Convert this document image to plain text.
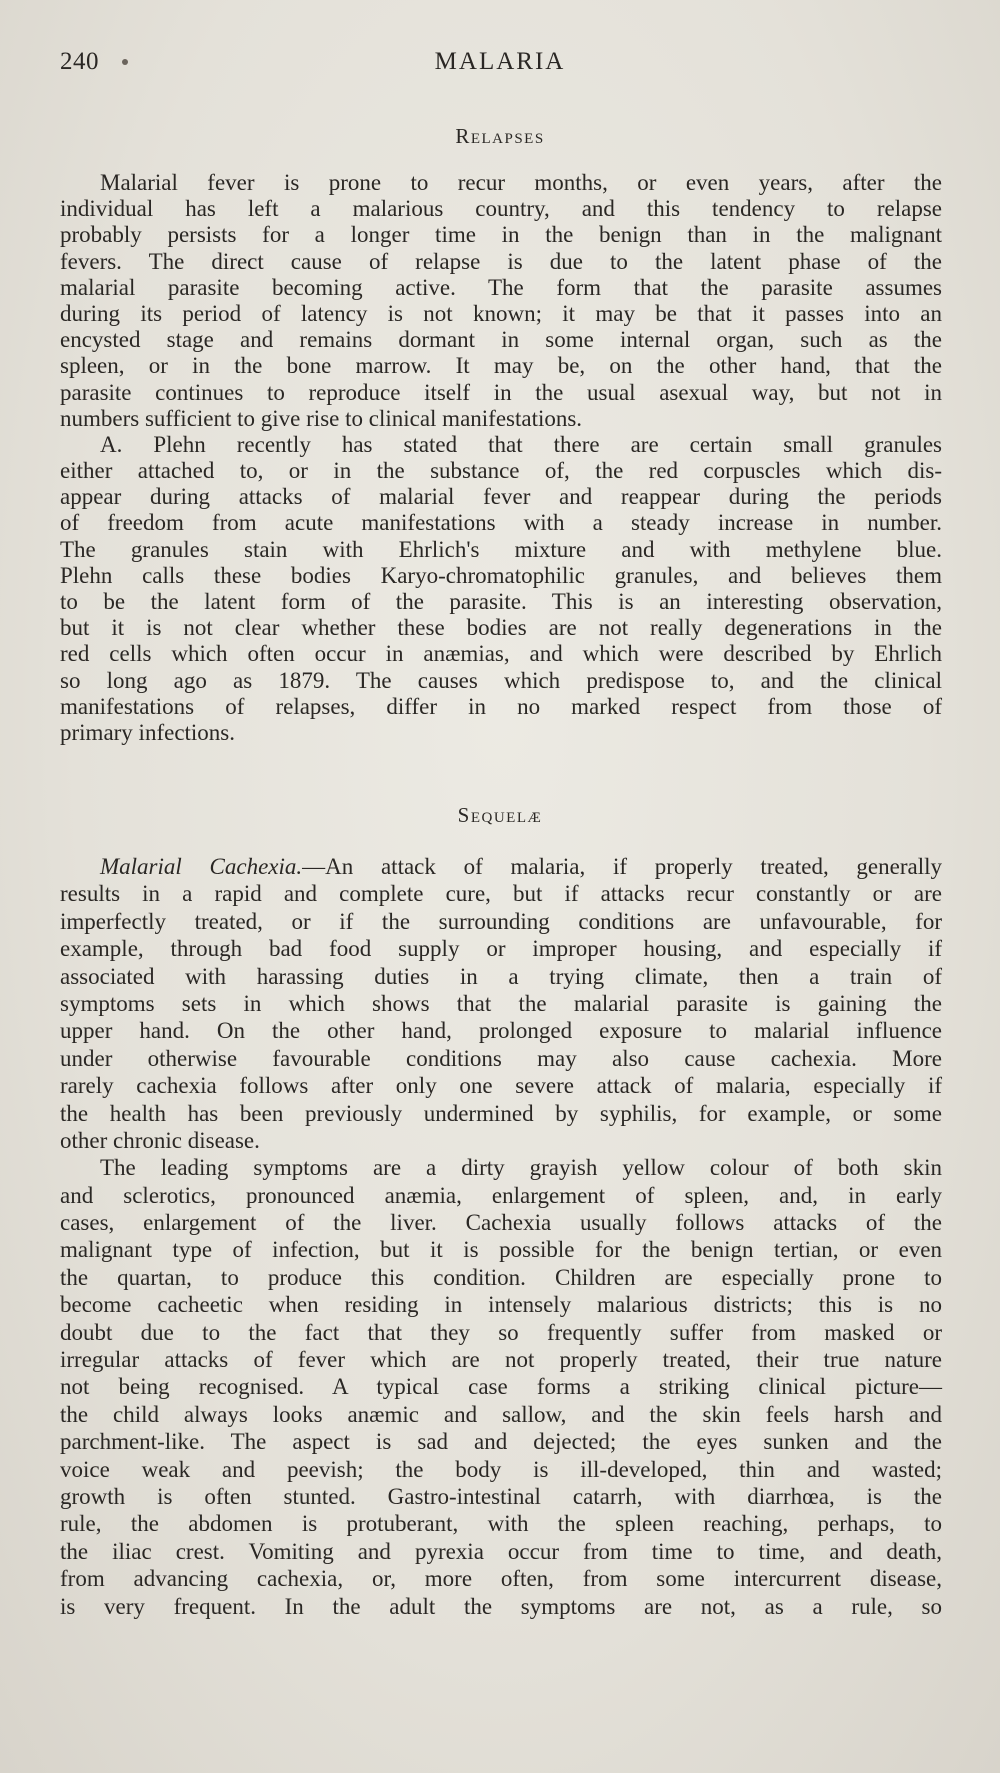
240	MALARIA
Relapses
Malarial fever is prone to recur months, or even years, after the
individual has left a malarious country, and this tendency to relapse
probably persists for a longer time in the benign than in the malignant
fevers. The direct cause of relapse is due to the latent phase of the
malarial parasite becoming active. The form that the parasite assumes
during its period of latency is not known; it may be that it passes into an
encysted stage and remains dormant in some internal organ, such as the
spleen, or in the bone marrow. It may be, on the other hand, that the
parasite continues to reproduce itself in the usual asexual way, but not in
numbers sufficient to give rise to clinical manifestations.
A. Plehn recently has stated that there are certain small granules
either attached to, or in the substance of, the red corpuscles which dis-
appear during attacks of malarial fever and reappear during the periods
of freedom from acute manifestations with a steady increase in number.
The granules stain with Ehrlich's mixture and with methylene blue.
Plehn calls these bodies Karyo-chromatophilic granules, and believes them
to be the latent form of the parasite. This is an interesting observation,
but it is not clear whether these bodies are not really degenerations in the
red cells which often occur in anæmias, and which were described by Ehrlich
so long ago as 1879. The causes which predispose to, and the clinical
manifestations of relapses, differ in no marked respect from those of
primary infections.
Sequelæ
Malarial Cachexia.—An attack of malaria, if properly treated, generally
results in a rapid and complete cure, but if attacks recur constantly or are
imperfectly treated, or if the surrounding conditions are unfavourable, for
example, through bad food supply or improper housing, and especially if
associated with harassing duties in a trying climate, then a train of
symptoms sets in which shows that the malarial parasite is gaining the
upper hand. On the other hand, prolonged exposure to malarial influence
under otherwise favourable conditions may also cause cachexia. More
rarely cachexia follows after only one severe attack of malaria, especially if
the health has been previously undermined by syphilis, for example, or some
other chronic disease.
The leading symptoms are a dirty grayish yellow colour of both skin
and sclerotics, pronounced anæmia, enlargement of spleen, and, in early
cases, enlargement of the liver. Cachexia usually follows attacks of the
malignant type of infection, but it is possible for the benign tertian, or even
the quartan, to produce this condition. Children are especially prone to
become cacheetic when residing in intensely malarious districts; this is no
doubt due to the fact that they so frequently suffer from masked or
irregular attacks of fever which are not properly treated, their true nature
not being recognised. A typical case forms a striking clinical picture—
the child always looks anæmic and sallow, and the skin feels harsh and
parchment-like. The aspect is sad and dejected; the eyes sunken and the
voice weak and peevish; the body is ill-developed, thin and wasted;
growth is often stunted. Gastro-intestinal catarrh, with diarrhœa, is the
rule, the abdomen is protuberant, with the spleen reaching, perhaps, to
the iliac crest. Vomiting and pyrexia occur from time to time, and death,
from advancing cachexia, or, more often, from some intercurrent disease,
is very frequent. In the adult the symptoms are not, as a rule, so
